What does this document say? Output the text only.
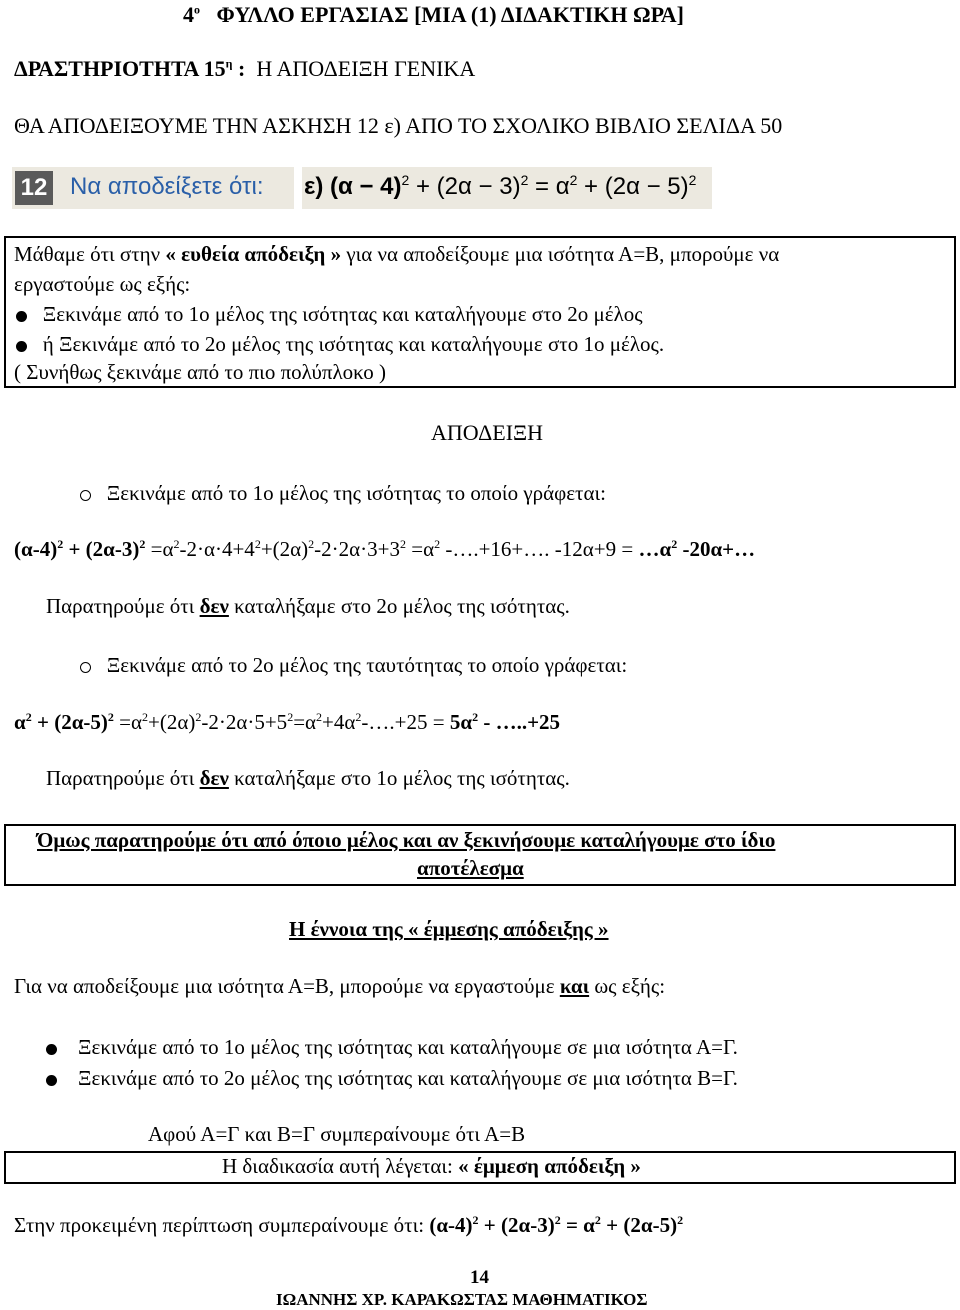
$4^o$ ΦΥΛΛΟ ΕΡΓΑΣΙΑΣ [ΜΙΑ (1) ΔΙΔΑΚΤΙΚΗ ΩΡΑ]
ΔΡΑΣΤΗΡΙΟΤΗΤΑ $15^\eta$ : Η ΑΠΟΔΕΙΞΗ ΓΕΝΙΚΑ
ΘΑ ΑΠΟΔΕΙΞΟΥΜΕ ΤΗΝ ΑΣΚΗΣΗ 12 ε) ΑΠΟ ΤΟ ΣΧΟΛΙΚΟ ΒΙΒΛΙΟ ΣΕΛΙΔΑ 50
12 Να αποδείξετε ότι: ε) $(\alpha - 4)^2 + (2\alpha - 3)^2 = \alpha^2 + (2\alpha - 5)^2$
Μάθαμε ότι στην « ευθεία απόδειξη » για να αποδείξουμε μια ισότητα Α=Β, μπορούμε να
εργαστούμε ως εξής:
Ξεκινάμε από το 1ο μέλος της ισότητας και καταλήγουμε στο 2ο μέλος
ή Ξεκινάμε από το 2ο μέλος της ισότητας και καταλήγουμε στο 1ο μέλος.
( Συνήθως ξεκινάμε από το πιο πολύπλοκο )
ΑΠΟΔΕΙΞΗ
Ξεκινάμε από το 1ο μέλος της ισότητας το οποίο γράφεται:
$(\alpha-4)^2 + (2\alpha-3)^2 =\alpha^2-2\cdot\alpha\cdot 4+4^2+(2\alpha)^2-2\cdot 2\alpha\cdot 3+3^2 =\alpha^2$ -….+16+…. $-12\alpha+9 = \dots\alpha^2$ -20α+…
Παρατηρούμε ότι δεν καταλήξαμε στο 2ο μέλος της ισότητας.
Ξεκινάμε από το 2ο μέλος της ταυτότητας το οποίο γράφεται:
$\alpha^2 + (2\alpha-5)^2$ $=\alpha^2+(2\alpha)^2-2\cdot 2\alpha\cdot 5+5^2=\alpha^2+4\alpha^2-\dots.+25 = 5\alpha^2$ - …..+25
Παρατηρούμε ότι δεν καταλήξαμε στο 1ο μέλος της ισότητας.
Όμως παρατηρούμε ότι από όποιο μέλος και αν ξεκινήσουμε καταλήγουμε στο ίδιο
αποτέλεσμα
Η έννοια της « έμμεσης απόδειξης »
Για να αποδείξουμε μια ισότητα Α=Β, μπορούμε να εργαστούμε και ως εξής:
Ξεκινάμε από το 1ο μέλος της ισότητας και καταλήγουμε σε μια ισότητα Α=Γ.
Ξεκινάμε από το 2ο μέλος της ισότητας και καταλήγουμε σε μια ισότητα Β=Γ.
Αφού Α=Γ και Β=Γ συμπεραίνουμε ότι Α=Β
Η διαδικασία αυτή λέγεται: « έμμεση απόδειξη »
Στην προκειμένη περίπτωση συμπεραίνουμε ότι: $(\alpha-4)^2 + (2\alpha-3)^2 = \alpha^2 + (2\alpha-5)^2$
14
ΙΩΑΝΝΗΣ ΧΡ. ΚΑΡΑΚΩΣΤΑΣ ΜΑΘΗΜΑΤΙΚΟΣ
